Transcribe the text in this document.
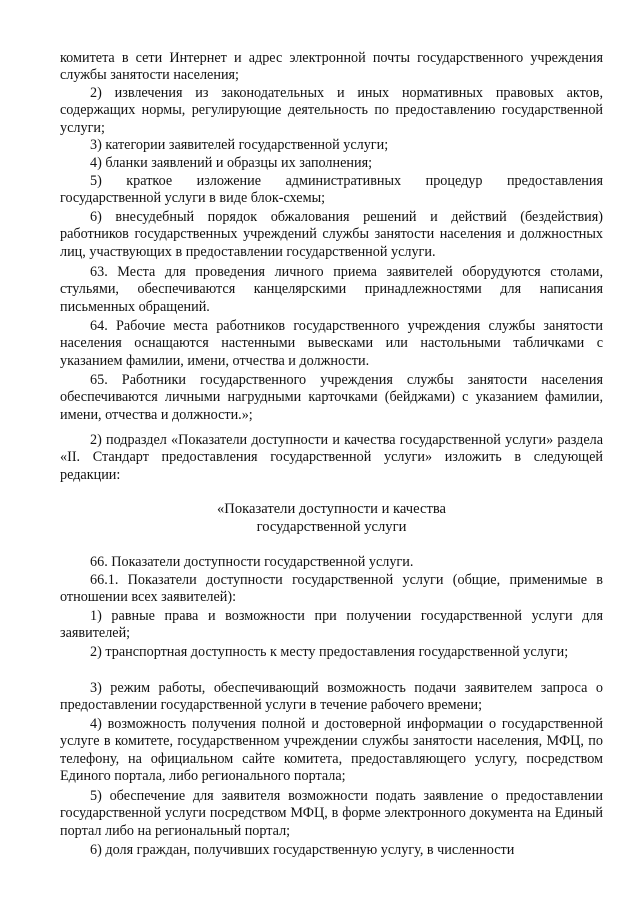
комитета в сети Интернет и адрес электронной почты государственного учреждения службы занятости населения;

2) извлечения из законодательных и иных нормативных правовых актов, содержащих нормы, регулирующие деятельность по предоставлению государственной услуги;

3) категории заявителей государственной услуги;

4) бланки заявлений и образцы их заполнения;

5) краткое изложение административных процедур предоставления государственной услуги в виде блок-схемы;

6) внесудебный порядок обжалования решений и действий (бездействия) работников государственных учреждений службы занятости населения и должностных лиц, участвующих в предоставлении государственной услуги.

63. Места для проведения личного приема заявителей оборудуются столами, стульями, обеспечиваются канцелярскими принадлежностями для написания письменных обращений.

64. Рабочие места работников государственного учреждения службы занятости населения оснащаются настенными вывесками или настольными табличками с указанием фамилии, имени, отчества и должности.

65. Работники государственного учреждения службы занятости населения обеспечиваются личными нагрудными карточками (бейджами) с указанием фамилии, имени, отчества и должности.»;

2) подраздел «Показатели доступности и качества государственной услуги» раздела «II. Стандарт предоставления государственной услуги» изложить в следующей редакции:

«Показатели доступности и качества

государственной услуги

66. Показатели доступности государственной услуги.

66.1. Показатели доступности государственной услуги (общие, применимые в отношении всех заявителей):

1) равные права и возможности при получении государственной услуги для заявителей;

2) транспортная доступность к месту предоставления государственной услуги;

3) режим работы, обеспечивающий возможность подачи заявителем запроса о предоставлении государственной услуги в течение рабочего времени;

4) возможность получения полной и достоверной информации о государственной услуге в комитете, государственном учреждении службы занятости населения, МФЦ, по телефону, на официальном сайте комитета, предоставляющего услугу, посредством Единого портала, либо регионального портала;

5) обеспечение для заявителя возможности подать заявление о предоставлении государственной услуги посредством МФЦ, в форме электронного документа на Единый портал либо на региональный портал;

6) доля граждан, получивших государственную услугу, в численности
